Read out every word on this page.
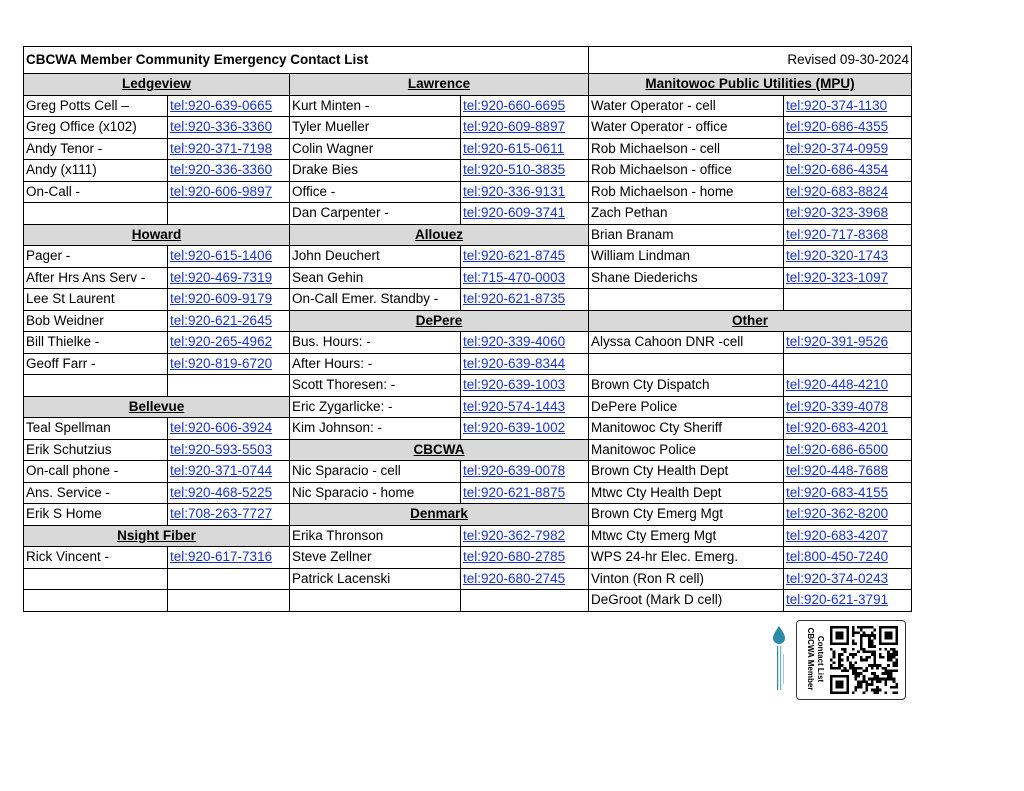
CBCWA Member Community Emergency Contact List				Revised 09-30-2024	
Ledgeview		Lawrence		Manitowoc Public Utilities (MPU)	
Greg Potts Cell –	tel:920-639-0665	Kurt Minten -	tel:920-660-6695	Water Operator - cell	tel:920-374-1130
Greg Office (x102)	tel:920-336-3360	Tyler Mueller	tel:920-609-8897	Water Operator - office	tel:920-686-4355
Andy Tenor -	tel:920-371-7198	Colin Wagner	tel:920-615-0611	Rob Michaelson - cell	tel:920-374-0959
Andy (x111)	tel:920-336-3360	Drake Bies	tel:920-510-3835	Rob Michaelson - office	tel:920-686-4354
On-Call -	tel:920-606-9897	Office -	tel:920-336-9131	Rob Michaelson - home	tel:920-683-8824
		Dan Carpenter -	tel:920-609-3741	Zach Pethan	tel:920-323-3968
Howard		Allouez		Brian Branam	tel:920-717-8368
Pager -	tel:920-615-1406	John Deuchert	tel:920-621-8745	William Lindman	tel:920-320-1743
After Hrs Ans Serv -	tel:920-469-7319	Sean Gehin	tel:715-470-0003	Shane Diederichs	tel:920-323-1097
Lee St Laurent	tel:920-609-9179	On-Call Emer. Standby -	tel:920-621-8735		
Bob Weidner	tel:920-621-2645	DePere		Other	
Bill Thielke -	tel:920-265-4962	Bus. Hours: -	tel:920-339-4060	Alyssa Cahoon DNR -cell	tel:920-391-9526
Geoff Farr -	tel:920-819-6720	After Hours: -	tel:920-639-8344		
		Scott Thoresen: -	tel:920-639-1003	Brown Cty Dispatch	tel:920-448-4210
Bellevue		Eric Zygarlicke: -	tel:920-574-1443	DePere Police	tel:920-339-4078
Teal Spellman	tel:920-606-3924	Kim Johnson: -	tel:920-639-1002	Manitowoc Cty Sheriff	tel:920-683-4201
Erik Schutzius	tel:920-593-5503	CBCWA		Manitowoc Police	tel:920-686-6500
On-call phone -	tel:920-371-0744	Nic Sparacio - cell	tel:920-639-0078	Brown Cty Health Dept	tel:920-448-7688
Ans. Service -	tel:920-468-5225	Nic Sparacio - home	tel:920-621-8875	Mtwc Cty Health Dept	tel:920-683-4155
Erik S Home	tel:708-263-7727	Denmark		Brown Cty Emerg Mgt	tel:920-362-8200
Nsight Fiber		Erika Thronson	tel:920-362-7982	Mtwc Cty Emerg Mgt	tel:920-683-4207
Rick Vincent -	tel:920-617-7316	Steve Zellner	tel:920-680-2785	WPS 24-hr Elec. Emerg.	tel:800-450-7240
		Patrick Lacenski	tel:920-680-2745	Vinton (Ron R cell)	tel:920-374-0243
				DeGroot (Mark D cell)	tel:920-621-3791
CBCWA Member Contact List
